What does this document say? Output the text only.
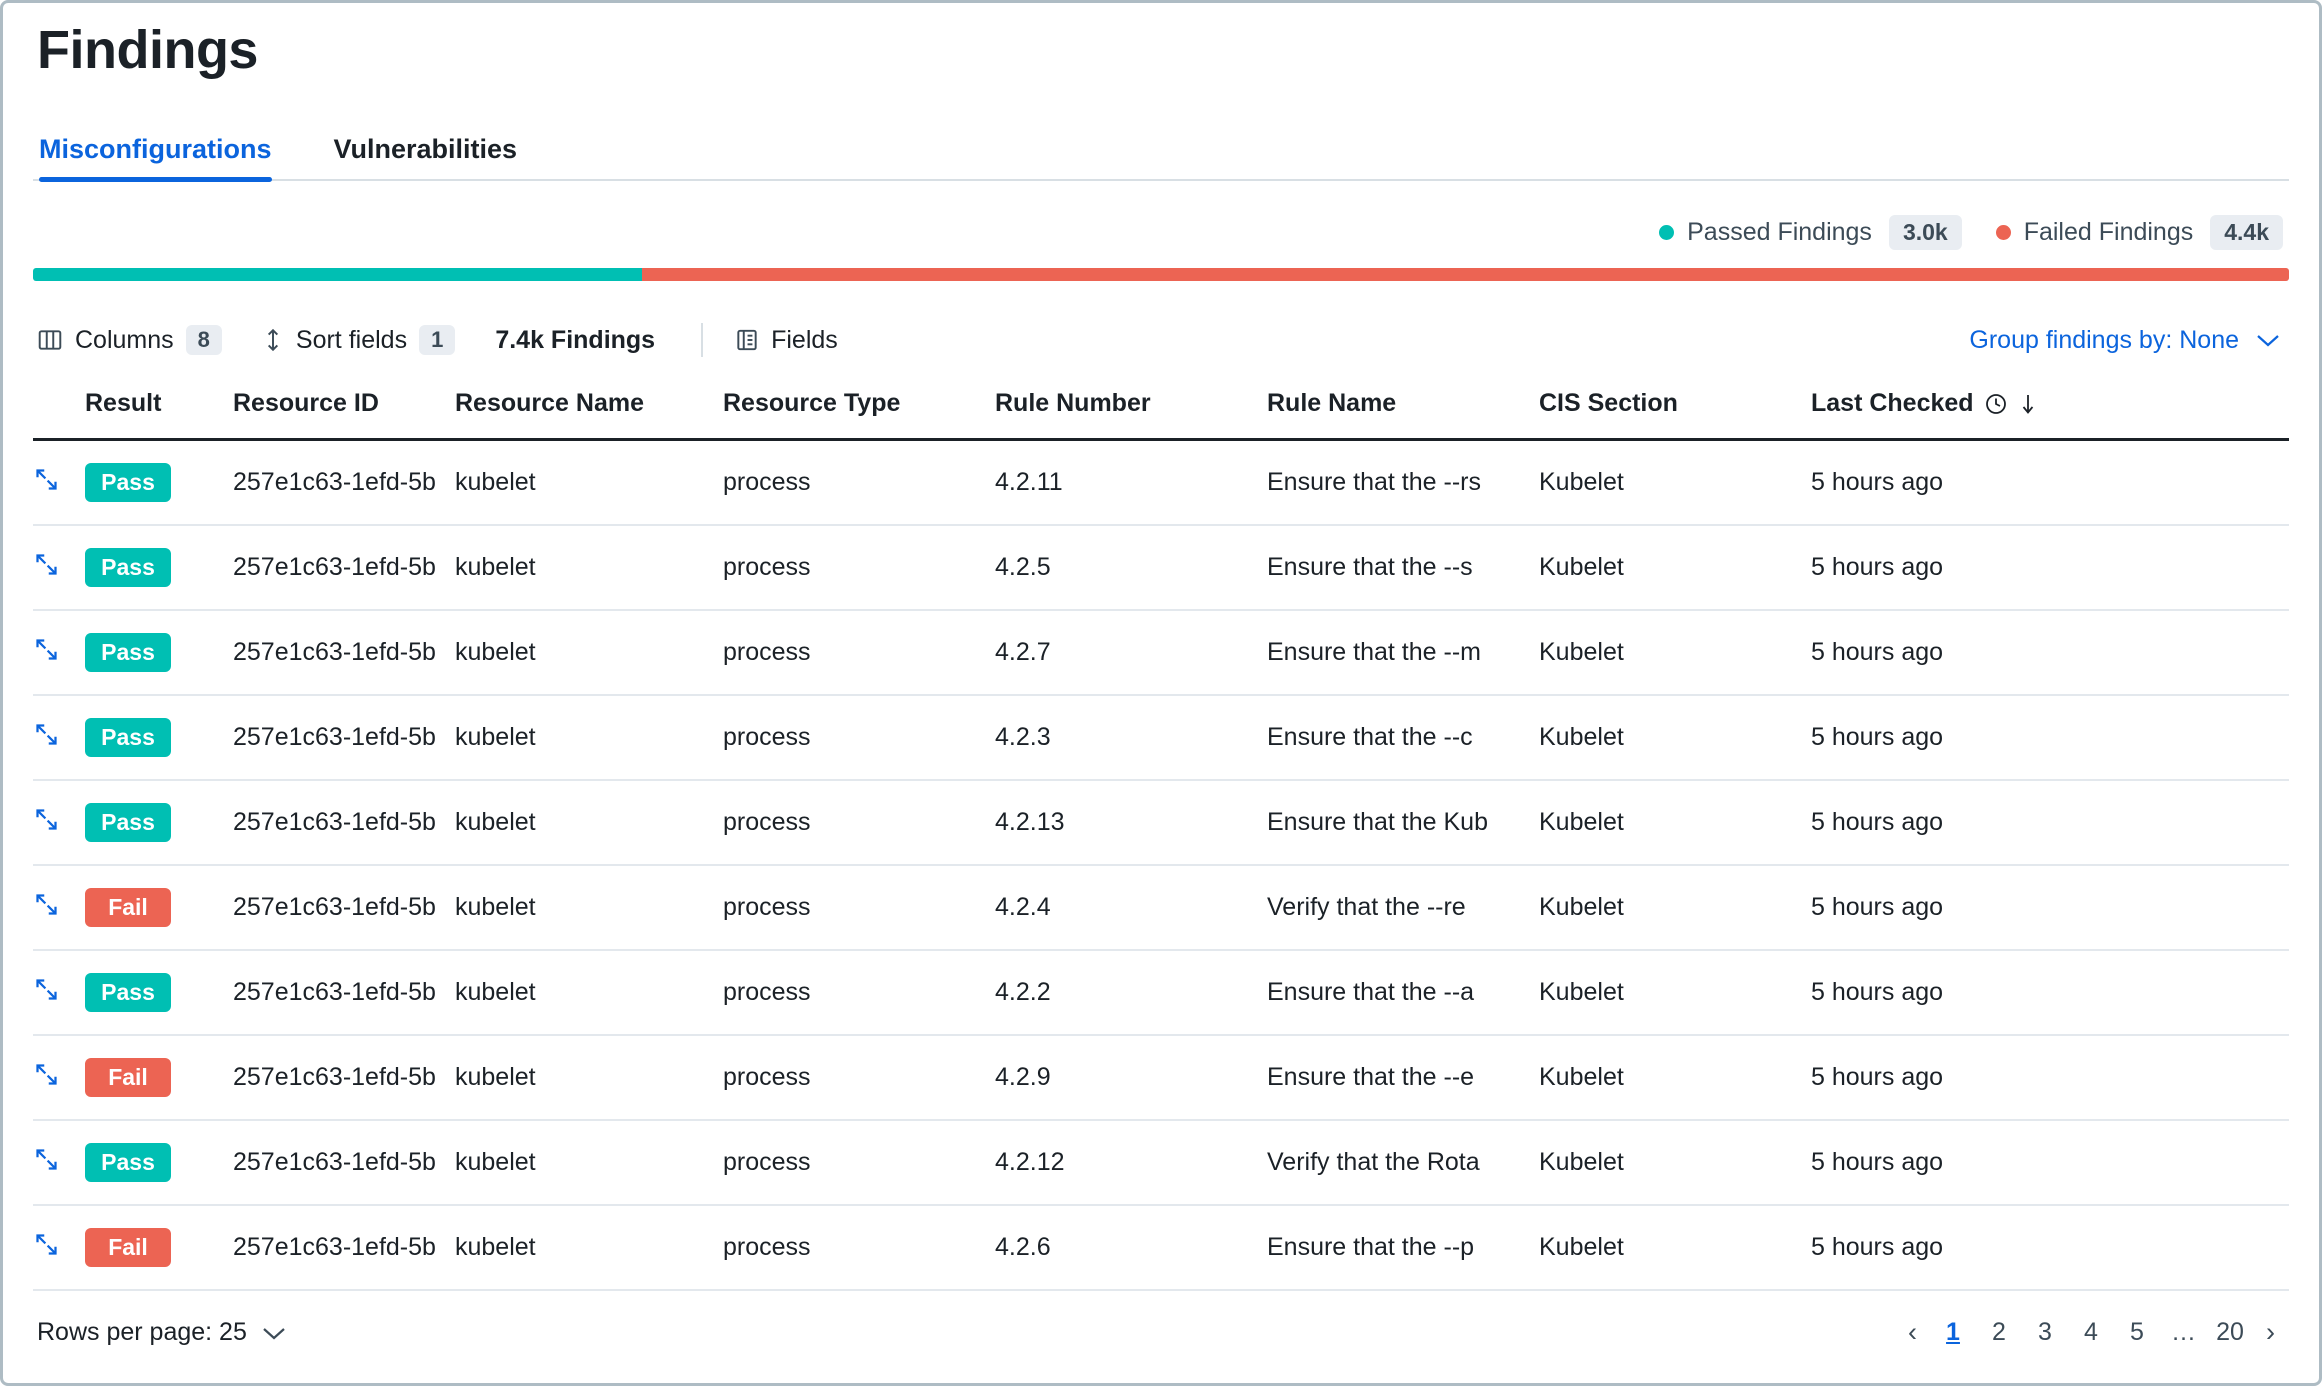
Findings
Misconfigurations Vulnerabilities
Passed Findings	3.0k	Failed Findings	4.4k
Columns	8	Sort fields	1	7.4k Findings	Fields	Group findings by: None
	Result	Resource ID	Resource Name	Resource Type	Rule Number	Rule Name	CIS Section	Last Checked

	Pass	257e1c63-1efd-5b	kubelet	process	4.2.11	Ensure that the --rs	Kubelet	5 hours ago

	Pass	257e1c63-1efd-5b	kubelet	process	4.2.5	Ensure that the --s	Kubelet	5 hours ago

	Pass	257e1c63-1efd-5b	kubelet	process	4.2.7	Ensure that the --m	Kubelet	5 hours ago

	Pass	257e1c63-1efd-5b	kubelet	process	4.2.3	Ensure that the --c	Kubelet	5 hours ago

	Pass	257e1c63-1efd-5b	kubelet	process	4.2.13	Ensure that the Kub	Kubelet	5 hours ago

	Fail	257e1c63-1efd-5b	kubelet	process	4.2.4	Verify that the --re	Kubelet	5 hours ago

	Pass	257e1c63-1efd-5b	kubelet	process	4.2.2	Ensure that the --a	Kubelet	5 hours ago

	Fail	257e1c63-1efd-5b	kubelet	process	4.2.9	Ensure that the --e	Kubelet	5 hours ago

	Pass	257e1c63-1efd-5b	kubelet	process	4.2.12	Verify that the Rota	Kubelet	5 hours ago

	Fail	257e1c63-1efd-5b	kubelet	process	4.2.6	Ensure that the --p	Kubelet	5 hours ago
Rows per page: 25	‹	1	2	3	4	5	… 20 ›
